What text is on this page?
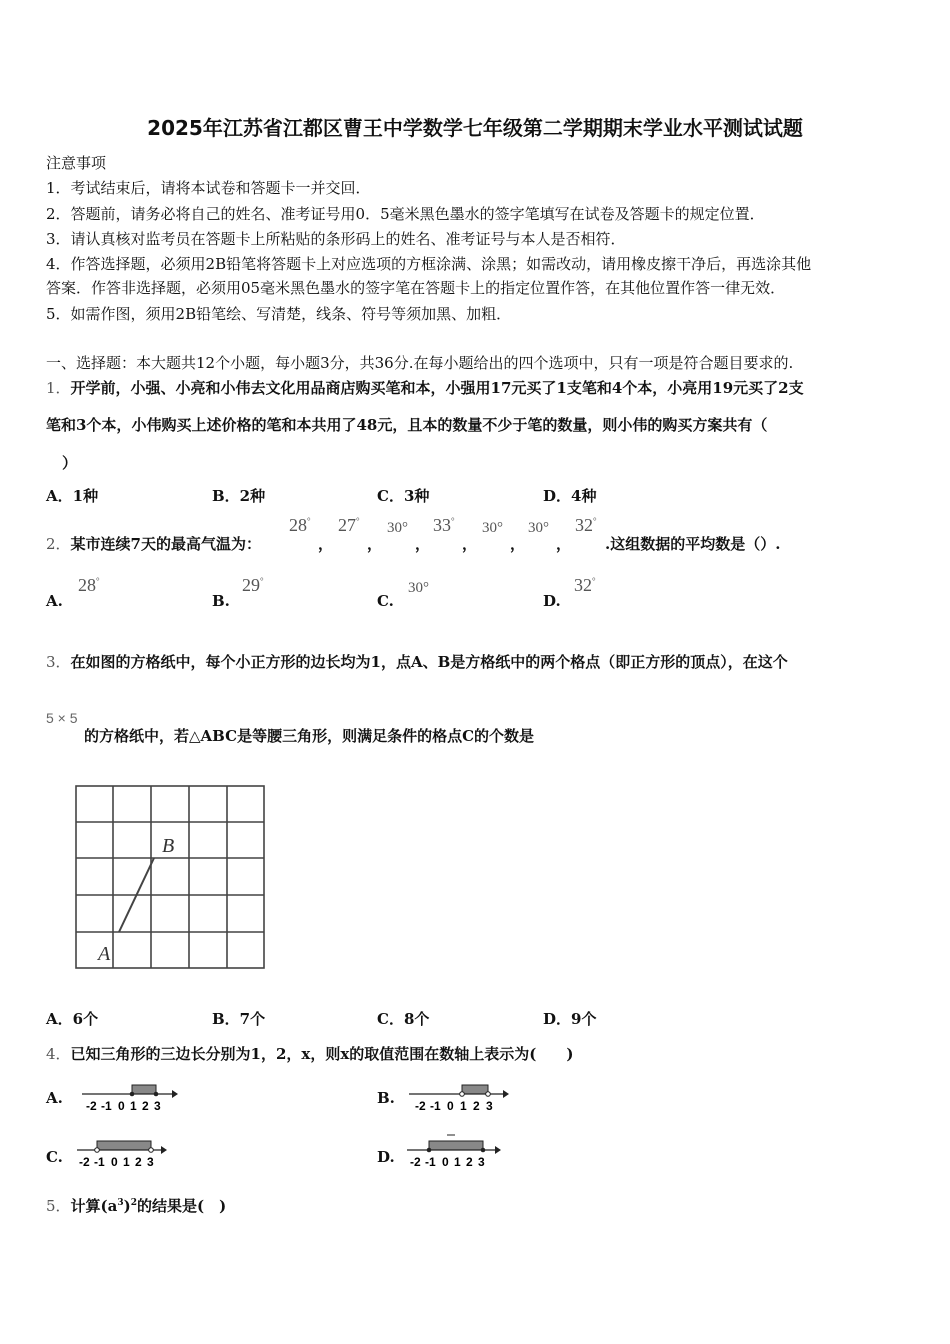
2025年江苏省江都区曹王中学数学七年级第二学期期末学业水平测试试题
注意事项
1．考试结束后，请将本试卷和答题卡一并交回．
2．答题前，请务必将自己的姓名、准考证号用0．5毫米黑色墨水的签字笔填写在试卷及答题卡的规定位置．
3．请认真核对监考员在答题卡上所粘贴的条形码上的姓名、准考证号与本人是否相符．
4．作答选择题，必须用2B铅笔将答题卡上对应选项的方框涂满、涂黑；如需改动，请用橡皮擦干净后，再选涂其他
答案．作答非选择题，必须用05毫米黑色墨水的签字笔在答题卡上的指定位置作答，在其他位置作答一律无效．
5．如需作图，须用2B铅笔绘、写清楚，线条、符号等须加黑、加粗．
一、选择题：本大题共12个小题，每小题3分，共36分.在每小题给出的四个选项中，只有一项是符合题目要求的.
1．开学前，小强、小亮和小伟去文化用品商店购买笔和本，小强用17元买了1支笔和4个本，小亮用19元买了2支
笔和3个本，小伟购买上述价格的笔和本共用了48元，且本的数量不少于笔的数量，则小伟的购买方案共有（
）
A．1种	B．2种	C．3种	D．4种
2．某市连续7天的最高气温为：
28°
，
27°
，
30°
，
33°
，
30°
，
30°
，
32°
.这组数据的平均数是（）.
A.
28°
B.
29°
C.
30°
D.
32°
3．在如图的方格纸中，每个小正方形的边长均为1，点A、B是方格纸中的两个格点（即正方形的顶点），在这个
5 × 5
的方格纸中，若△ABC是等腰三角形，则满足条件的格点C的个数是
A
B
A．6个	B．7个	C．8个	D．9个
4．已知三角形的三边长分别为1，2，x，则x的取值范围在数轴上表示为(　　)
A. -2 -1 0 1 2 3	B. -2 -1 0 1 2 3
C. -2 -1 0 1 2 3	D. -2 -1 0 1 2 3
5．计算$(a^3)^2$的结果是(　)
